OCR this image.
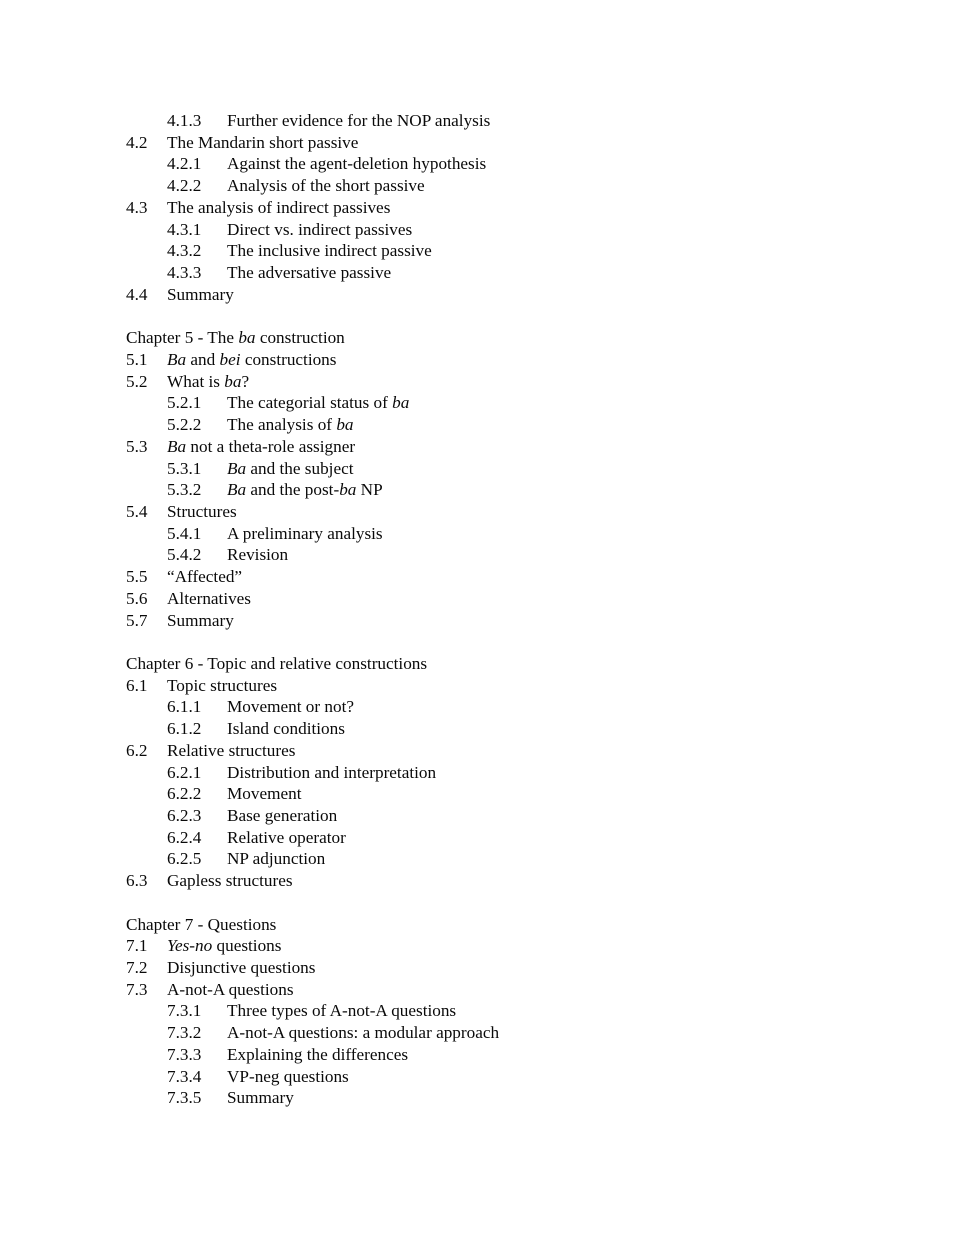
4.1.3 Further evidence for the NOP analysis
4.2 The Mandarin short passive
4.2.1 Against the agent-deletion hypothesis
4.2.2 Analysis of the short passive
4.3 The analysis of indirect passives
4.3.1 Direct vs. indirect passives
4.3.2 The inclusive indirect passive
4.3.3 The adversative passive
4.4 Summary

Chapter 5 - The ba construction
5.1 Ba and bei constructions
5.2 What is ba?
5.2.1 The categorial status of ba
5.2.2 The analysis of ba
5.3 Ba not a theta-role assigner
5.3.1 Ba and the subject
5.3.2 Ba and the post-ba NP
5.4 Structures
5.4.1 A preliminary analysis
5.4.2 Revision
5.5 “Affected”
5.6 Alternatives
5.7 Summary

Chapter 6 - Topic and relative constructions
6.1 Topic structures
6.1.1 Movement or not?
6.1.2 Island conditions
6.2 Relative structures
6.2.1 Distribution and interpretation
6.2.2 Movement
6.2.3 Base generation
6.2.4 Relative operator
6.2.5 NP adjunction
6.3 Gapless structures

Chapter 7 - Questions
7.1 Yes-no questions
7.2 Disjunctive questions
7.3 A-not-A questions
7.3.1 Three types of A-not-A questions
7.3.2 A-not-A questions: a modular approach
7.3.3 Explaining the differences
7.3.4 VP-neg questions
7.3.5 Summary
